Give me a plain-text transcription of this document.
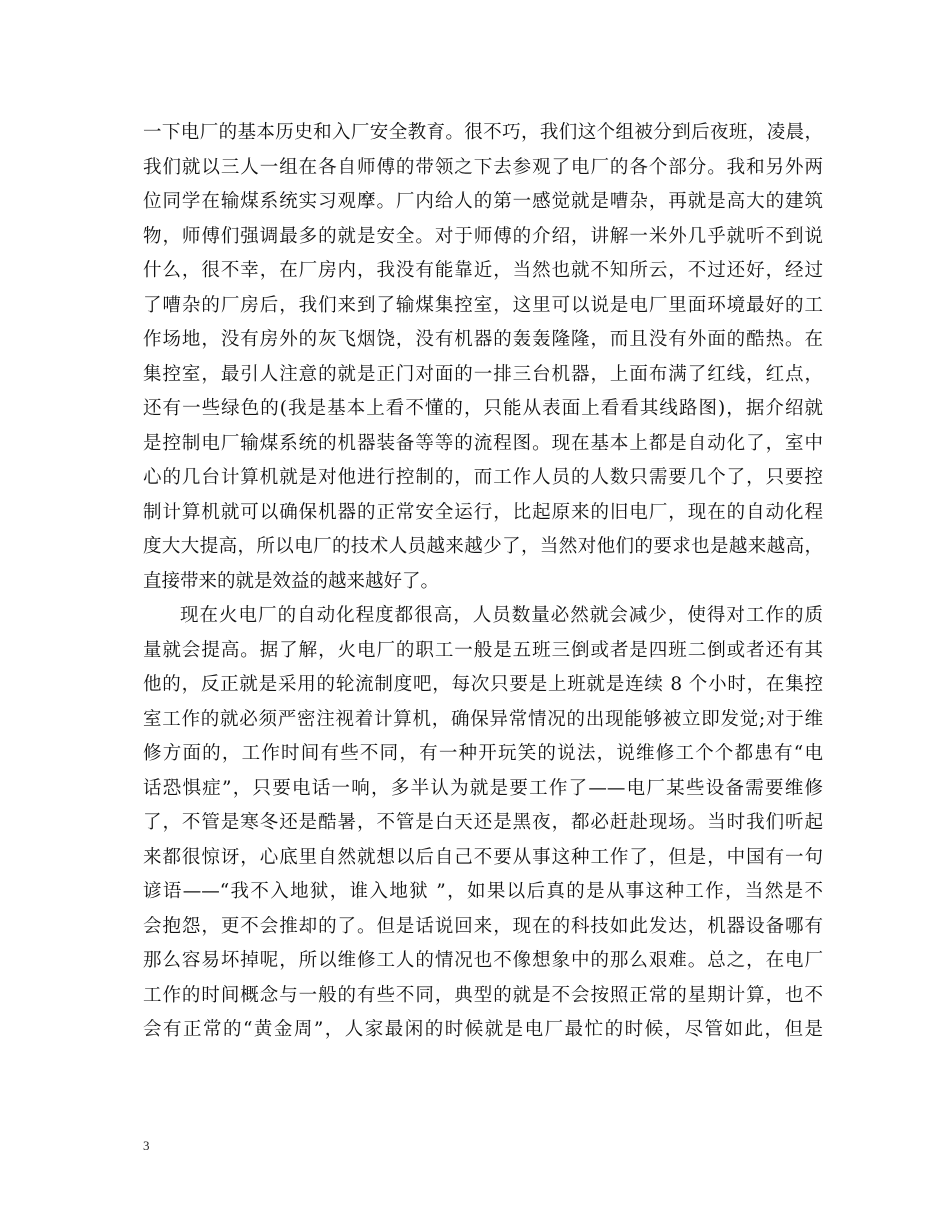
一下电厂的基本历史和入厂安全教育。很不巧，我们这个组被分到后夜班，凌晨，
我们就以三人一组在各自师傅的带领之下去参观了电厂的各个部分。我和另外两
位同学在输煤系统实习观摩。厂内给人的第一感觉就是嘈杂，再就是高大的建筑
物，师傅们强调最多的就是安全。对于师傅的介绍，讲解一米外几乎就听不到说
什么，很不幸，在厂房内，我没有能靠近，当然也就不知所云，不过还好，经过
了嘈杂的厂房后，我们来到了输煤集控室，这里可以说是电厂里面环境最好的工
作场地，没有房外的灰飞烟饶，没有机器的轰轰隆隆，而且没有外面的酷热。在
集控室，最引人注意的就是正门对面的一排三台机器，上面布满了红线，红点，
还有一些绿色的(我是基本上看不懂的，只能从表面上看看其线路图)，据介绍就
是控制电厂输煤系统的机器装备等等的流程图。现在基本上都是自动化了，室中
心的几台计算机就是对他进行控制的，而工作人员的人数只需要几个了，只要控
制计算机就可以确保机器的正常安全运行，比起原来的旧电厂，现在的自动化程
度大大提高，所以电厂的技术人员越来越少了，当然对他们的要求也是越来越高，
直接带来的就是效益的越来越好了。
现在火电厂的自动化程度都很高，人员数量必然就会减少，使得对工作的质
量就会提高。据了解，火电厂的职工一般是五班三倒或者是四班二倒或者还有其
他的，反正就是采用的轮流制度吧，每次只要是上班就是连续 8 个小时，在集控
室工作的就必须严密注视着计算机，确保异常情况的出现能够被立即发觉;对于维
修方面的，工作时间有些不同，有一种开玩笑的说法，说维修工个个都患有“电
话恐惧症”，只要电话一响，多半认为就是要工作了——电厂某些设备需要维修
了，不管是寒冬还是酷暑，不管是白天还是黑夜，都必赶赴现场。当时我们听起
来都很惊讶，心底里自然就想以后自己不要从事这种工作了，但是，中国有一句
谚语——“我不入地狱，谁入地狱 ”，如果以后真的是从事这种工作，当然是不
会抱怨，更不会推却的了。但是话说回来，现在的科技如此发达，机器设备哪有
那么容易坏掉呢，所以维修工人的情况也不像想象中的那么艰难。总之，在电厂
工作的时间概念与一般的有些不同，典型的就是不会按照正常的星期计算，也不
会有正常的“黄金周”，人家最闲的时候就是电厂最忙的时候，尽管如此，但是
3
